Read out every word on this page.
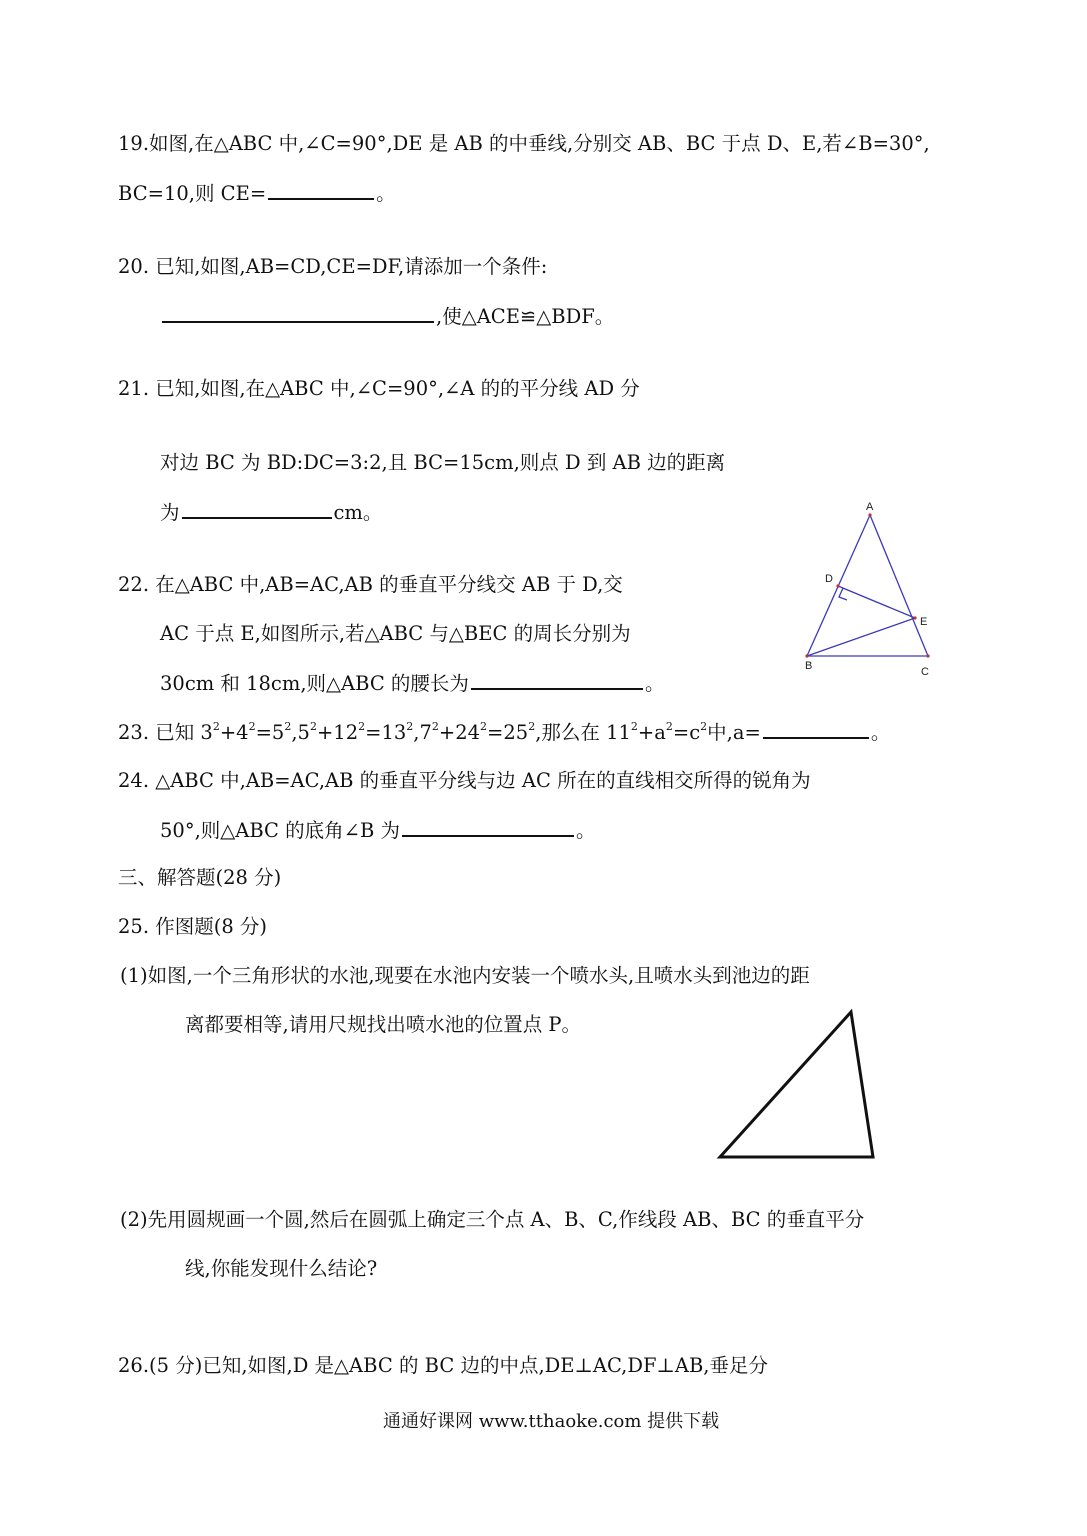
19.如图,在△ABC 中,∠C=90°,DE 是 AB 的中垂线,分别交 AB、BC 于点 D、E,若∠B=30°,
BC=10,则 CE=	。
20. 已知,如图,AB=CD,CE=DF,请添加一个条件:
,使△ACE≌△BDF。
21. 已知,如图,在△ABC 中,∠C=90°,∠A 的的平分线 AD 分
对边 BC 为 BD:DC=3:2,且 BC=15cm,则点 D 到 AB 边的距离
为	cm。
22. 在△ABC 中,AB=AC,AB 的垂直平分线交 AB 于 D,交
AC 于点 E,如图所示,若△ABC 与△BEC 的周长分别为
30cm 和 18cm,则△ABC 的腰长为	。
A
B	C
D
E
23. 已知 $3^2+4^2=5^2,5^2+12^2=13^2,7^2+24^2=25^2$,那么在 $11^2+a^2=c^2$中,a=	。
24. △ABC 中,AB=AC,AB 的垂直平分线与边 AC 所在的直线相交所得的锐角为
50°,则△ABC 的底角∠B 为	。
三、解答题(28 分)
25. 作图题(8 分)
(1)如图,一个三角形状的水池,现要在水池内安装一个喷水头,且喷水头到池边的距
离都要相等,请用尺规找出喷水池的位置点 P。
(2)先用圆规画一个圆,然后在圆弧上确定三个点 A、B、C,作线段 AB、BC 的垂直平分
线,你能发现什么结论?
26.(5 分)已知,如图,D 是△ABC 的 BC 边的中点,DE⊥AC,DF⊥AB,垂足分
通通好课网 www.tthaoke.com 提供下载
